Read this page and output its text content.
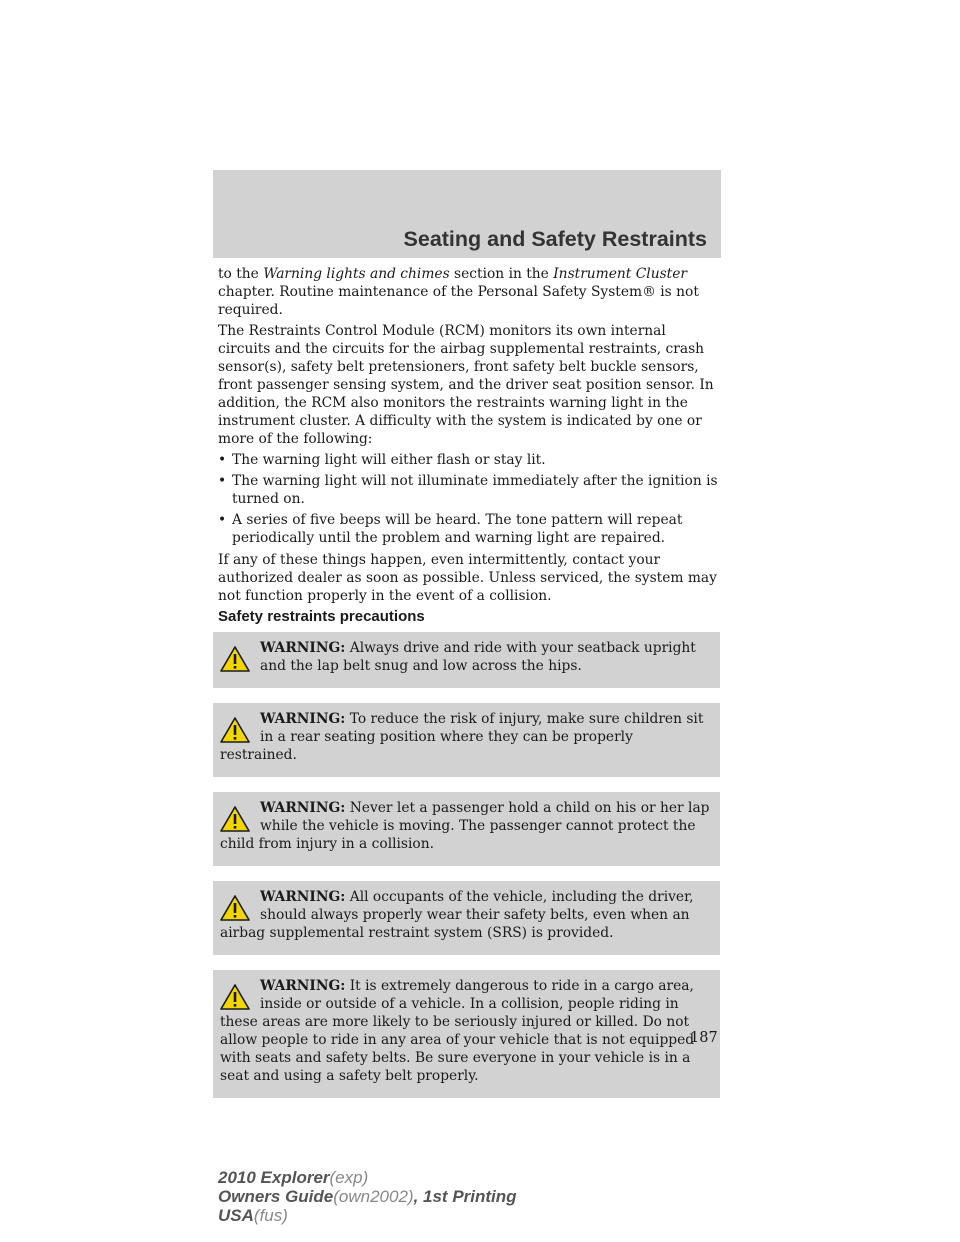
Seating and Safety Restraints

to the Warning lights and chimes section in the Instrument Cluster chapter. Routine maintenance of the Personal Safety System® is not required.

The Restraints Control Module (RCM) monitors its own internal circuits and the circuits for the airbag supplemental restraints, crash sensor(s), safety belt pretensioners, front safety belt buckle sensors, front passenger sensing system, and the driver seat position sensor. In addition, the RCM also monitors the restraints warning light in the instrument cluster. A difficulty with the system is indicated by one or more of the following:

• The warning light will either flash or stay lit.
• The warning light will not illuminate immediately after the ignition is turned on.
• A series of five beeps will be heard. The tone pattern will repeat periodically until the problem and warning light are repaired.

If any of these things happen, even intermittently, contact your authorized dealer as soon as possible. Unless serviced, the system may not function properly in the event of a collision.

Safety restraints precautions
WARNING: Always drive and ride with your seatback upright and the lap belt snug and low across the hips.
WARNING: To reduce the risk of injury, make sure children sit in a rear seating position where they can be properly restrained.
WARNING: Never let a passenger hold a child on his or her lap while the vehicle is moving. The passenger cannot protect the child from injury in a collision.
WARNING: All occupants of the vehicle, including the driver, should always properly wear their safety belts, even when an airbag supplemental restraint system (SRS) is provided.
WARNING: It is extremely dangerous to ride in a cargo area, inside or outside of a vehicle. In a collision, people riding in these areas are more likely to be seriously injured or killed. Do not allow people to ride in any area of your vehicle that is not equipped with seats and safety belts. Be sure everyone in your vehicle is in a seat and using a safety belt properly.
187
2010 Explorer(exp)
Owners Guide(own2002), 1st Printing
USA(fus)
